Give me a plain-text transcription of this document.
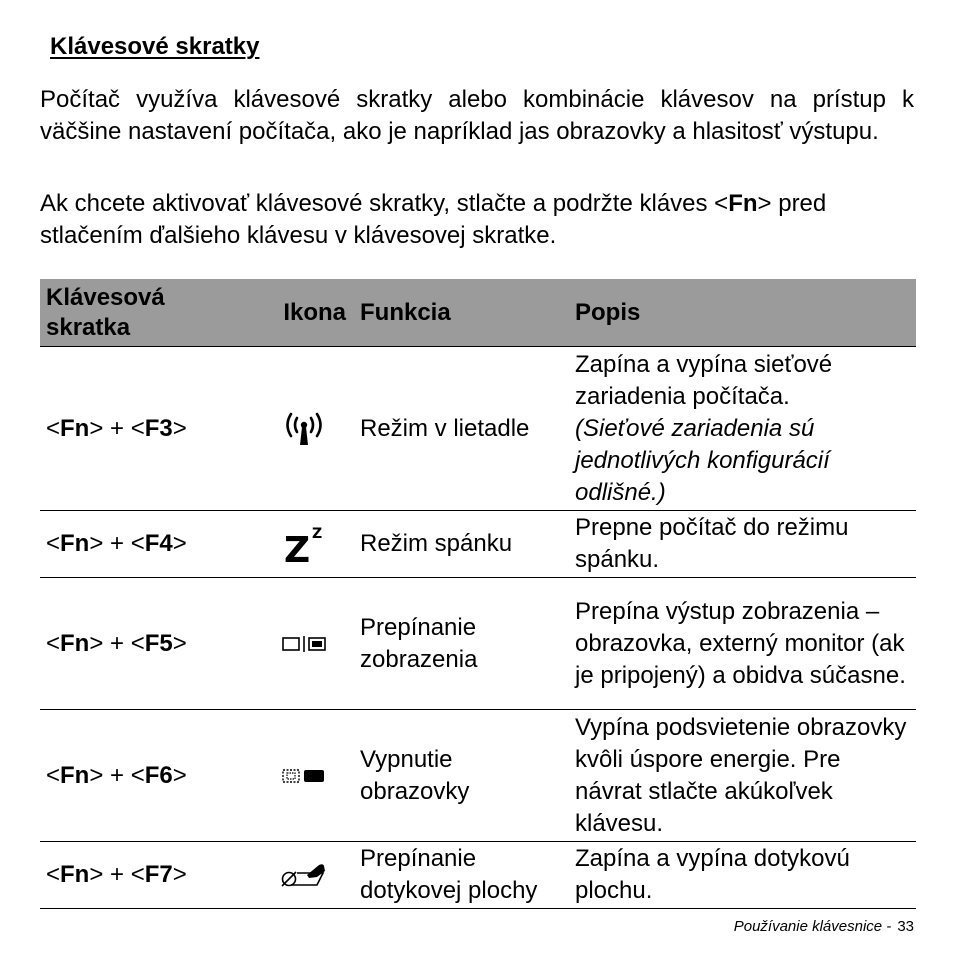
Klávesové skratky

Počítač využíva klávesové skratky alebo kombinácie klávesov na prístup k väčšine nastavení počítača, ako je napríklad jas obrazovky a hlasitosť výstupu.

Ak chcete aktivovať klávesové skratky, stlačte a podržte kláves <Fn> pred stlačením ďalšieho klávesu v klávesovej skratke.

Klávesová skratka	Ikona	Funkcia	Popis
<Fn> + <F3>		Režim v lietadle	Zapína a vypína sieťové zariadenia počítača.
(Sieťové zariadenia sú jednotlivých konfigurácií odlišné.)
<Fn> + <F4>	Z Z	Režim spánku	Prepne počítač do režimu spánku.
<Fn> + <F5>		Prepínanie zobrazenia	Prepína výstup zobrazenia – obrazovka, externý monitor (ak je pripojený) a obidva súčasne.
<Fn> + <F6>		Vypnutie obrazovky	Vypína podsvietenie obrazovky kvôli úspore energie. Pre návrat stlačte akúkoľvek klávesu.
<Fn> + <F7>		Prepínanie dotykovej plochy	Zapína a vypína dotykovú plochu.
Používanie klávesnice - 33
